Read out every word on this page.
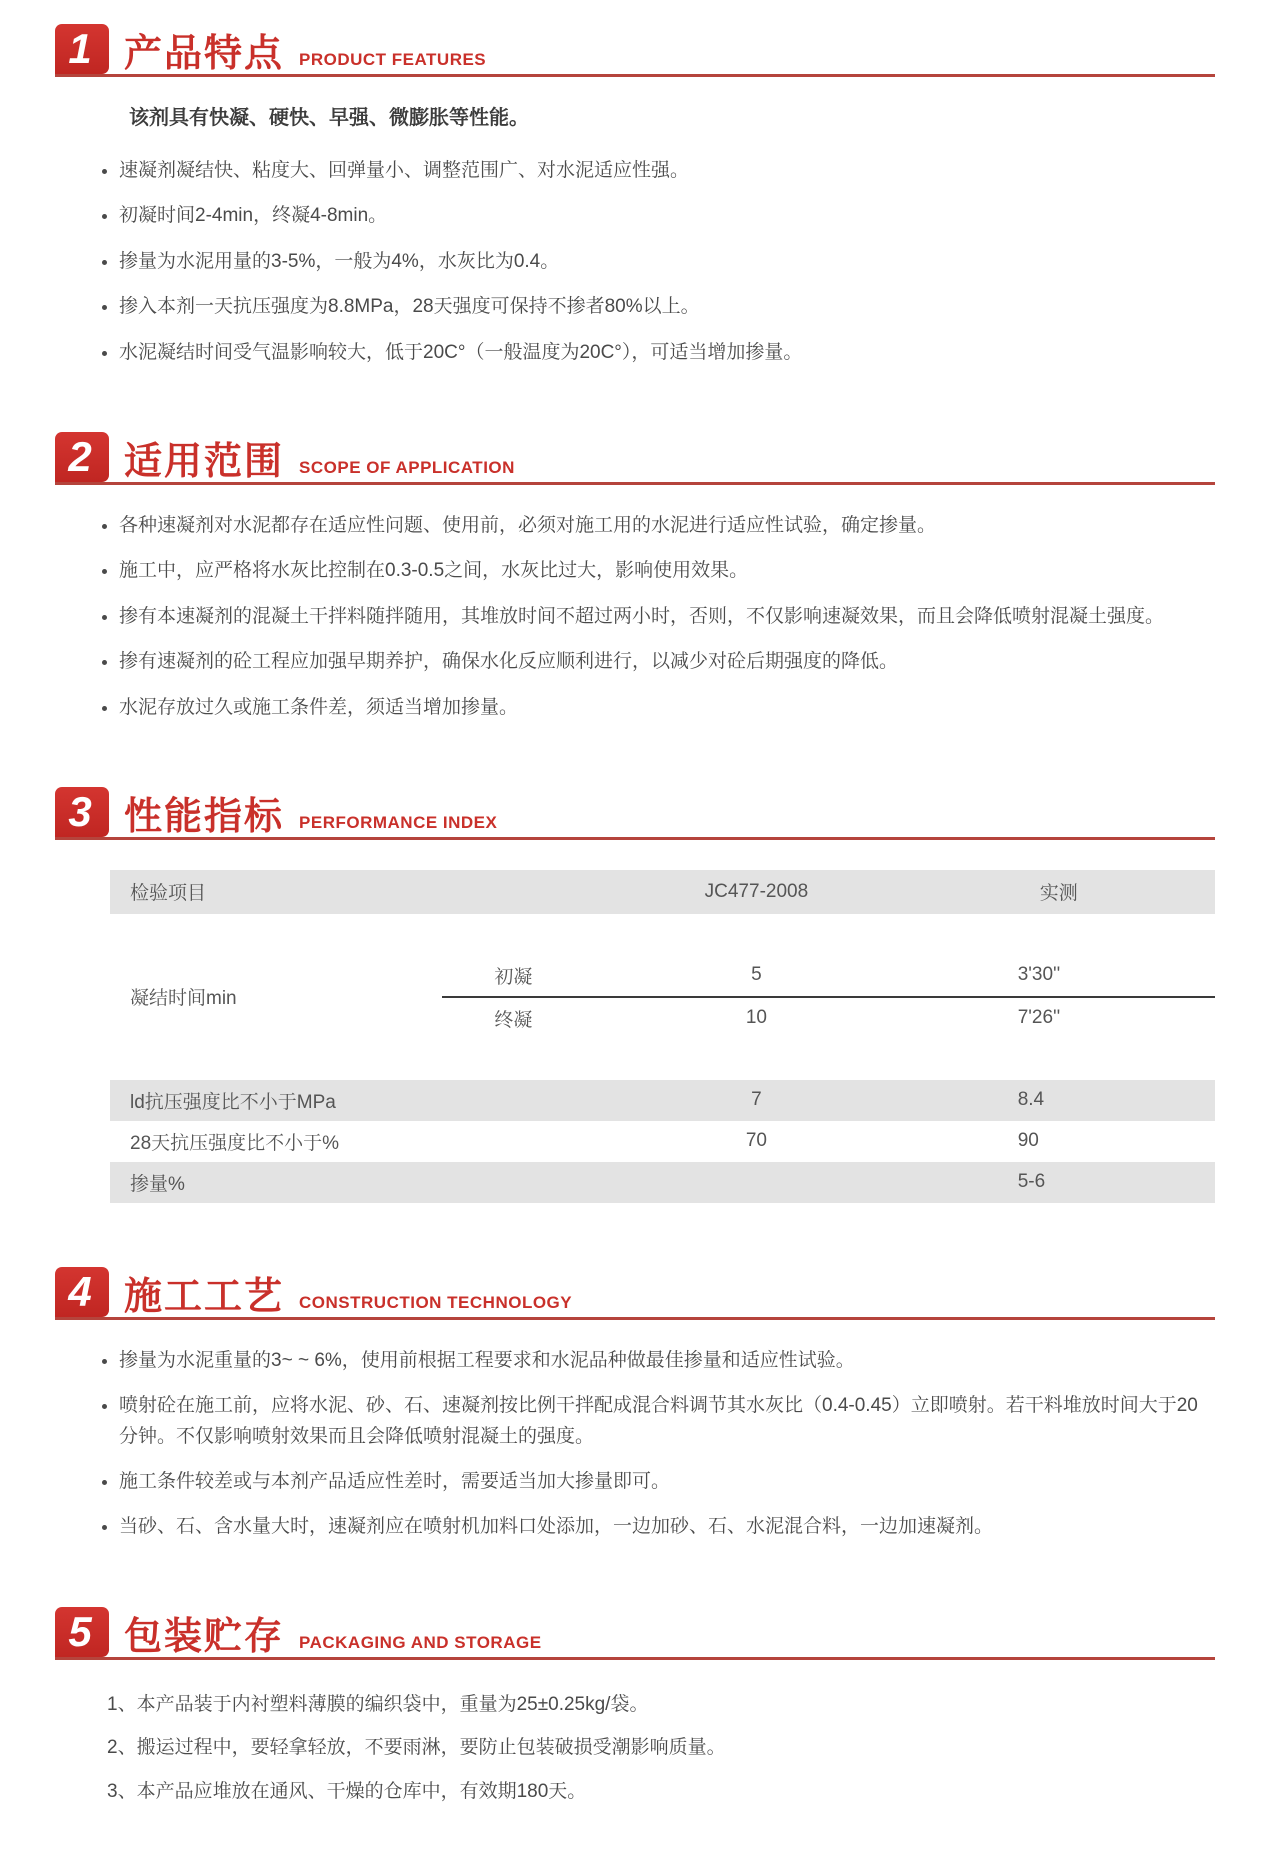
1 产品特点 PRODUCT FEATURES

该剂具有快凝、硬快、早强、微膨胀等性能。

• 速凝剂凝结快、粘度大、回弹量小、调整范围广、对水泥适应性强。
• 初凝时间2-4min，终凝4-8min。
• 掺量为水泥用量的3-5%，一般为4%，水灰比为0.4。
• 掺入本剂一天抗压强度为8.8MPa，28天强度可保持不掺者80%以上。
• 水泥凝结时间受气温影响较大，低于20C°（一般温度为20C°），可适当增加掺量。
2 适用范围 SCOPE OF APPLICATION
• 各种速凝剂对水泥都存在适应性问题、使用前，必须对施工用的水泥进行适应性试验，确定掺量。
• 施工中，应严格将水灰比控制在0.3-0.5之间，水灰比过大，影响使用效果。
• 掺有本速凝剂的混凝土干拌料随拌随用，其堆放时间不超过两小时，否则，不仅影响速凝效果，而且会降低喷射混凝土强度。
• 掺有速凝剂的砼工程应加强早期养护，确保水化反应顺利进行，以减少对砼后期强度的降低。
• 水泥存放过久或施工条件差，须适当增加掺量。
3 性能指标 PERFORMANCE INDEX
检验项目		JC477-2008	实测

凝结时间min	初凝	5	3'30''
	终凝	10	7'26''

ld抗压强度比不小于MPa		7	8.4
28天抗压强度比不小于%		70	90
掺量%			5-6
4 施工工艺 CONSTRUCTION TECHNOLOGY
• 掺量为水泥重量的3~ ~ 6%，使用前根据工程要求和水泥品种做最佳掺量和适应性试验。
• 喷射砼在施工前，应将水泥、砂、石、速凝剂按比例干拌配成混合料调节其水灰比（0.4-0.45）立即喷射。若干料堆放时间大于20分钟。不仅影响喷射效果而且会降低喷射混凝土的强度。
• 施工条件较差或与本剂产品适应性差时，需要适当加大掺量即可。
• 当砂、石、含水量大时，速凝剂应在喷射机加料口处添加，一边加砂、石、水泥混合料，一边加速凝剂。
5 包装贮存 PACKAGING AND STORAGE
1、本产品装于内衬塑料薄膜的编织袋中，重量为25±0.25kg/袋。
2、搬运过程中，要轻拿轻放，不要雨淋，要防止包装破损受潮影响质量。
3、本产品应堆放在通风、干燥的仓库中，有效期180天。
